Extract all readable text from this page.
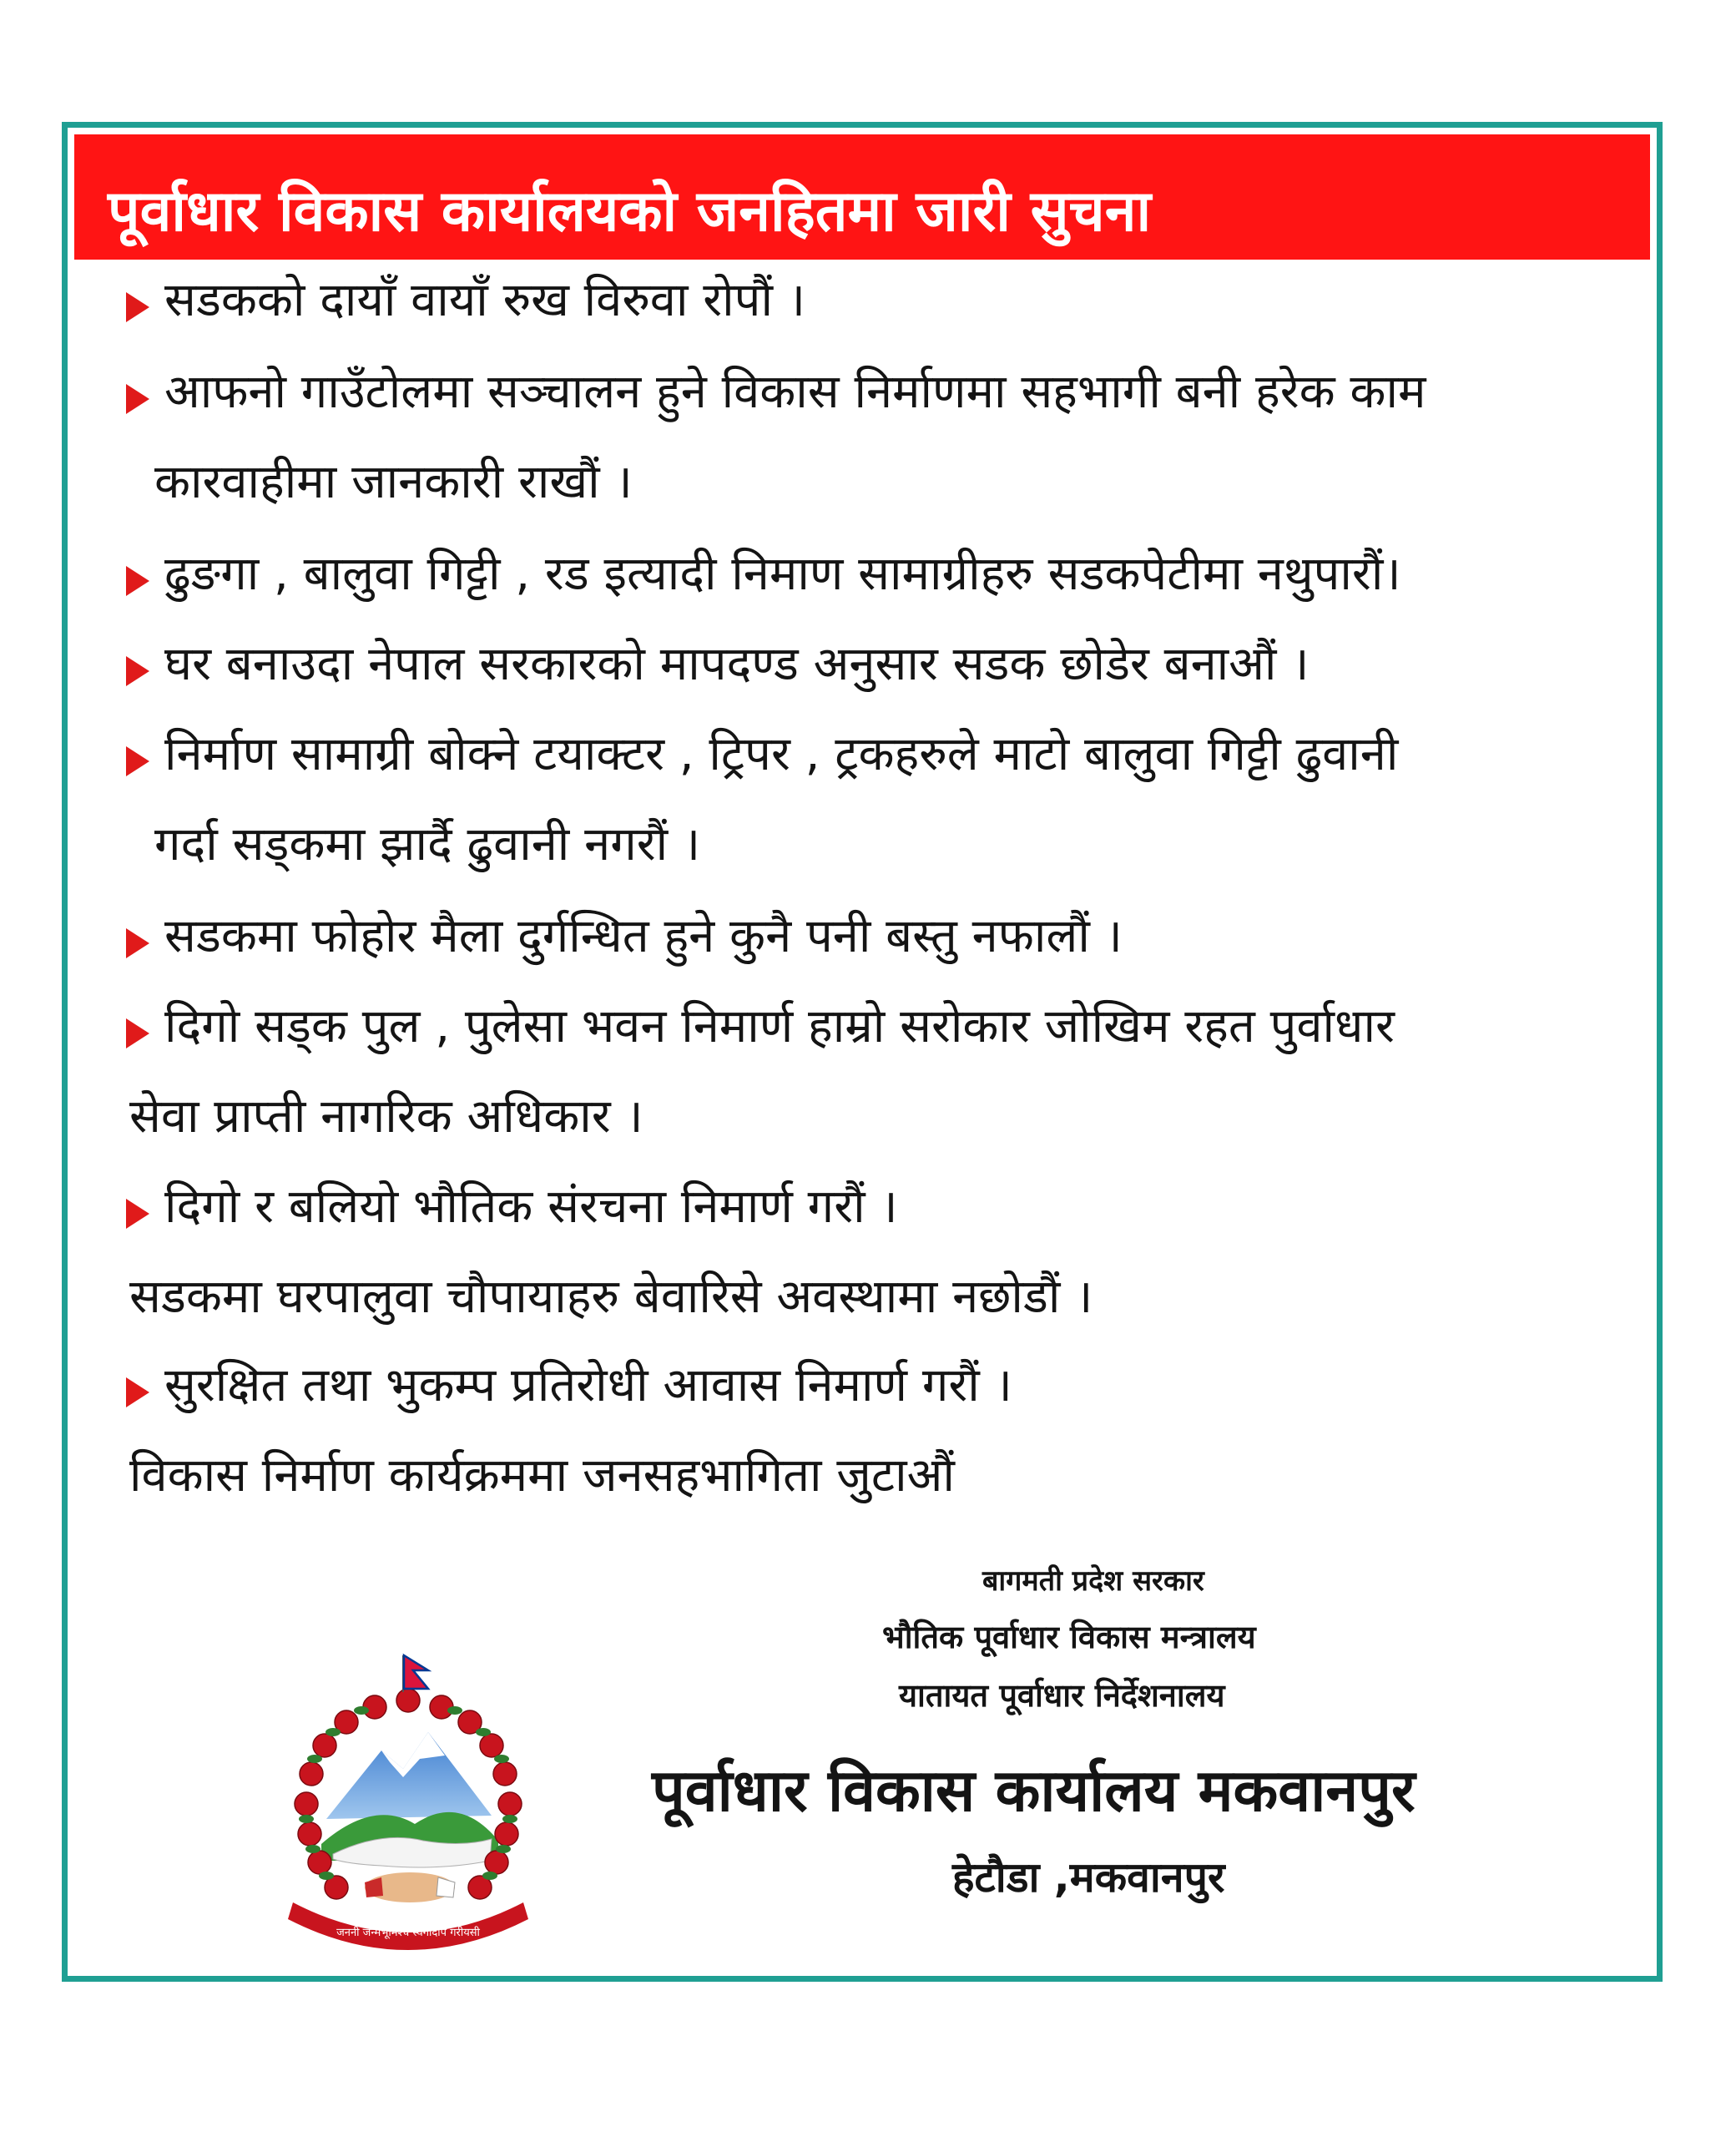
पूर्वाधार विकास कार्यालयको जनहितमा जारी सुचना
सडकको दायाँ वायाँ रुख विरुवा रोपौं ।
आफनो गाउँटोलमा सञ्चालन हुने विकास निर्माणमा सहभागी बनी हरेक काम
कारवाहीमा जानकारी राखौं ।
ढुङगा , बालुवा गिट्टी , रड इत्यादी निमाण सामाग्रीहरु सडकपेटीमा नथुपारौं।
घर बनाउदा नेपाल सरकारको मापदण्ड अनुसार सडक छोडेर बनाऔं ।
निर्माण सामाग्री बोक्ने टयाक्टर , ट्रिपर , ट्रकहरुले माटो बालुवा गिट्टी ढुवानी
गर्दा सड्कमा झार्दै ढुवानी नगरौं ।
सडकमा फोहोर मैला दुर्गन्धित हुने कुनै पनी बस्तु नफालौं ।
दिगो सड्क पुल , पुलेसा भवन निमार्ण हाम्रो सरोकार जोखिम रहत पुर्वाधार
सेवा प्राप्ती नागरिक अधिकार ।
दिगो र बलियो भौतिक संरचना निमार्ण गरौं ।
सडकमा घरपालुवा चौपायाहरु बेवारिसे अवस्थामा नछोडौं ।
सुरक्षित तथा भुकम्प प्रतिरोधी आवास निमार्ण गरौं ।
विकास निर्माण कार्यक्रममा जनसहभागिता जुटाऔं
जननी जन्मभूमिश्च स्वर्गादपि गरीयसी
बागमती प्रदेश सरकार
भौतिक पूर्वाधार विकास मन्त्रालय
यातायत पूर्वाधार निर्देशनालय
पूर्वाधार विकास कार्यालय मकवानपुर
हेटौडा ,मकवानपुर
